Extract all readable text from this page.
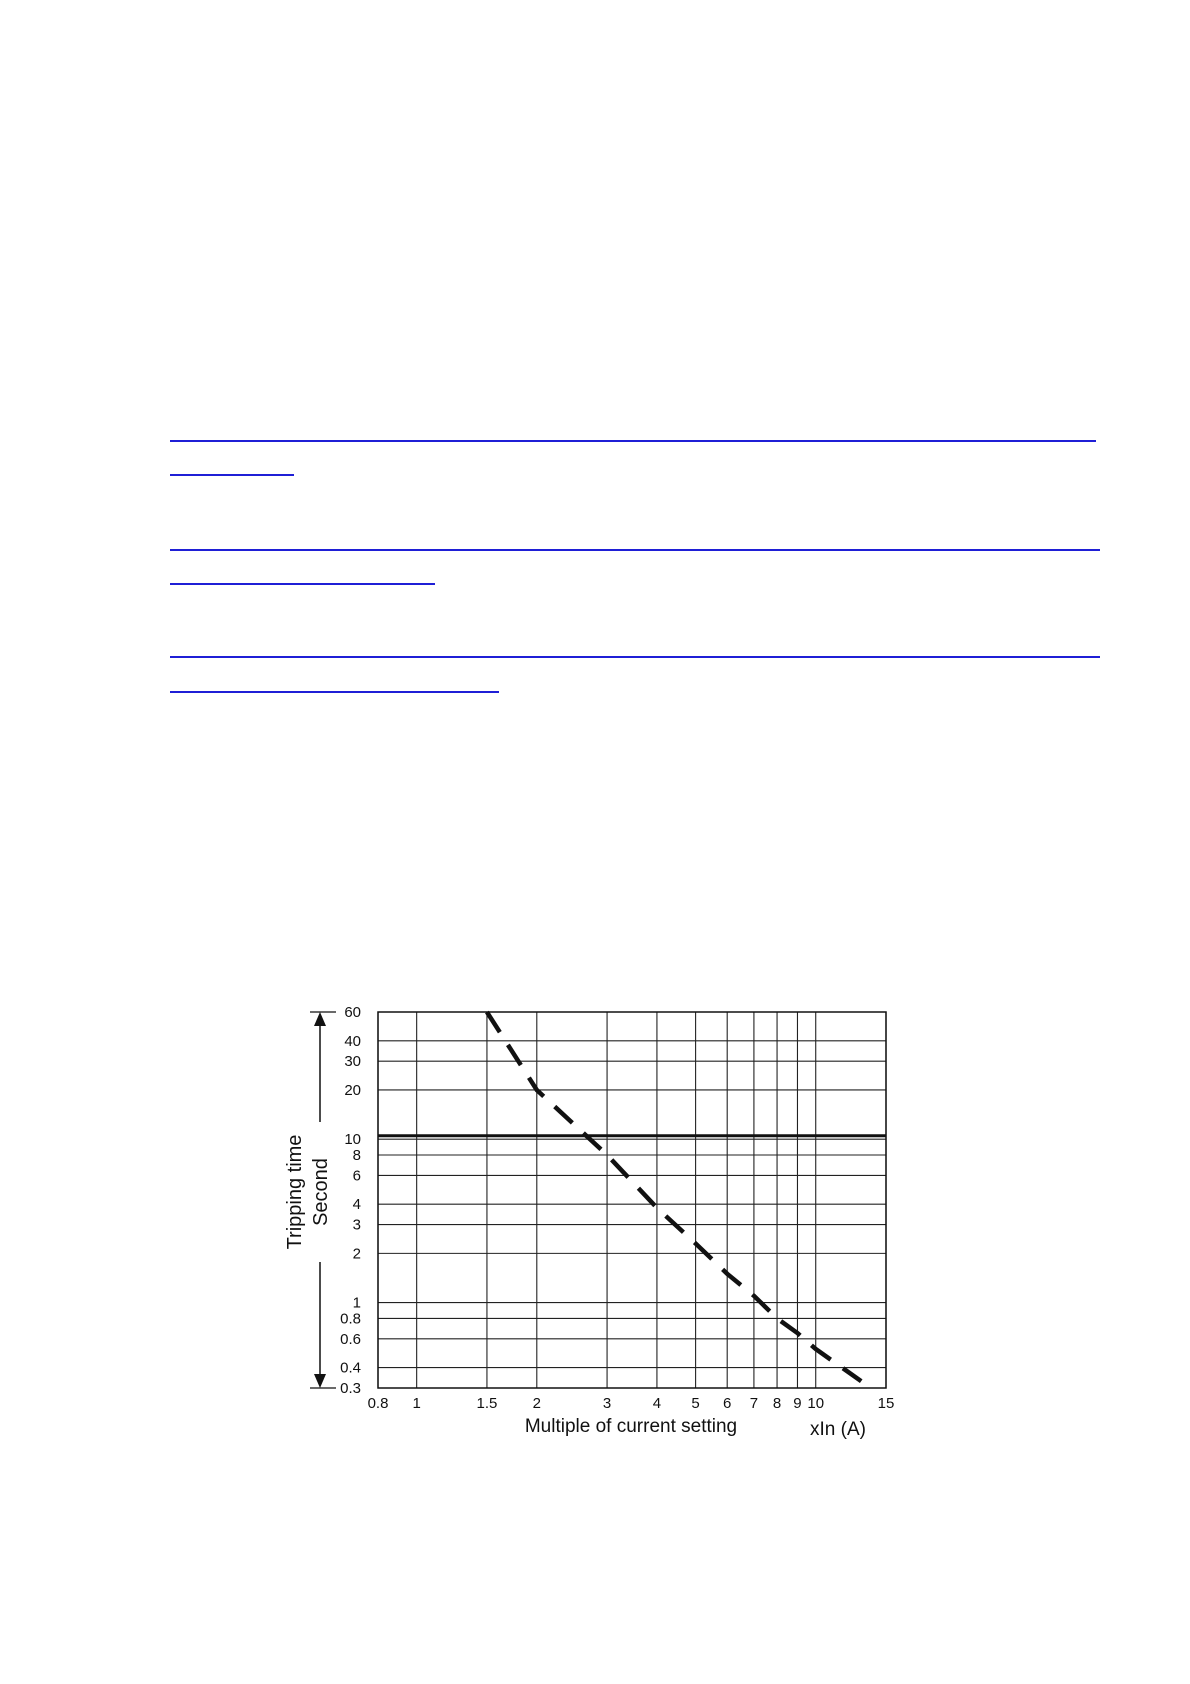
0.8 1	1.5 2	3	4 5 6 7 8 9 10	15
0.3
0.4
0.6
0.8
1
2
3
4
6
8
10
20
30
40
60
Tripping time Second
Multiple of current setting	xIn (A)
